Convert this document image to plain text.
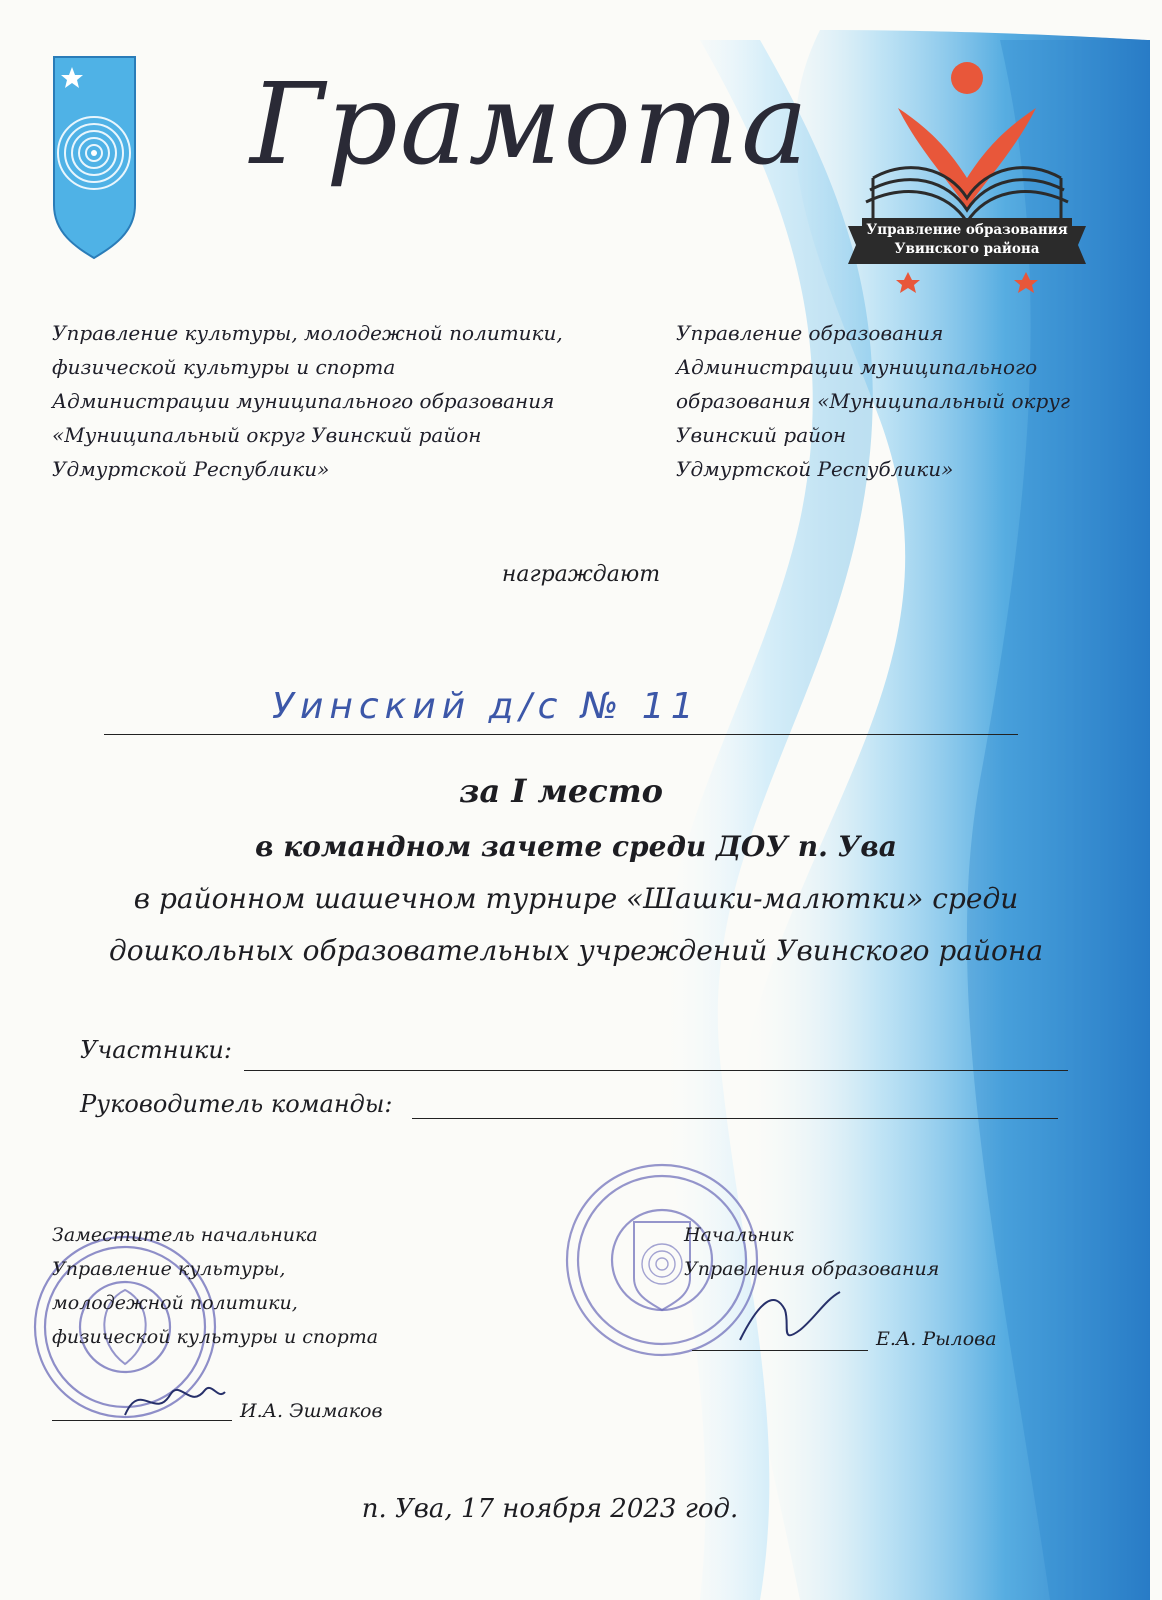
Грамота
Управление образования
Увинского района
Управление культуры, молодежной политики,
физической культуры и спорта
Администрации муниципального образования
«Муниципальный округ Увинский район
Удмуртской Республики»
Управление образования
Администрации муниципального
образования «Муниципальный округ
Увинский район
Удмуртской Республики»
награждают
Уинский д/с № 11
за I место
в командном зачете среди ДОУ п. Ува
в районном шашечном турнире «Шашки-малютки» среди
дошкольных образовательных учреждений Увинского района
Участники:
Руководитель команды:
Заместитель начальника
Управление культуры,
молодежной политики,
физической культуры и спорта
И.А. Эшмаков
Начальник
Управления образования
Е.А. Рылова
п. Ува, 17 ноября 2023 год.
